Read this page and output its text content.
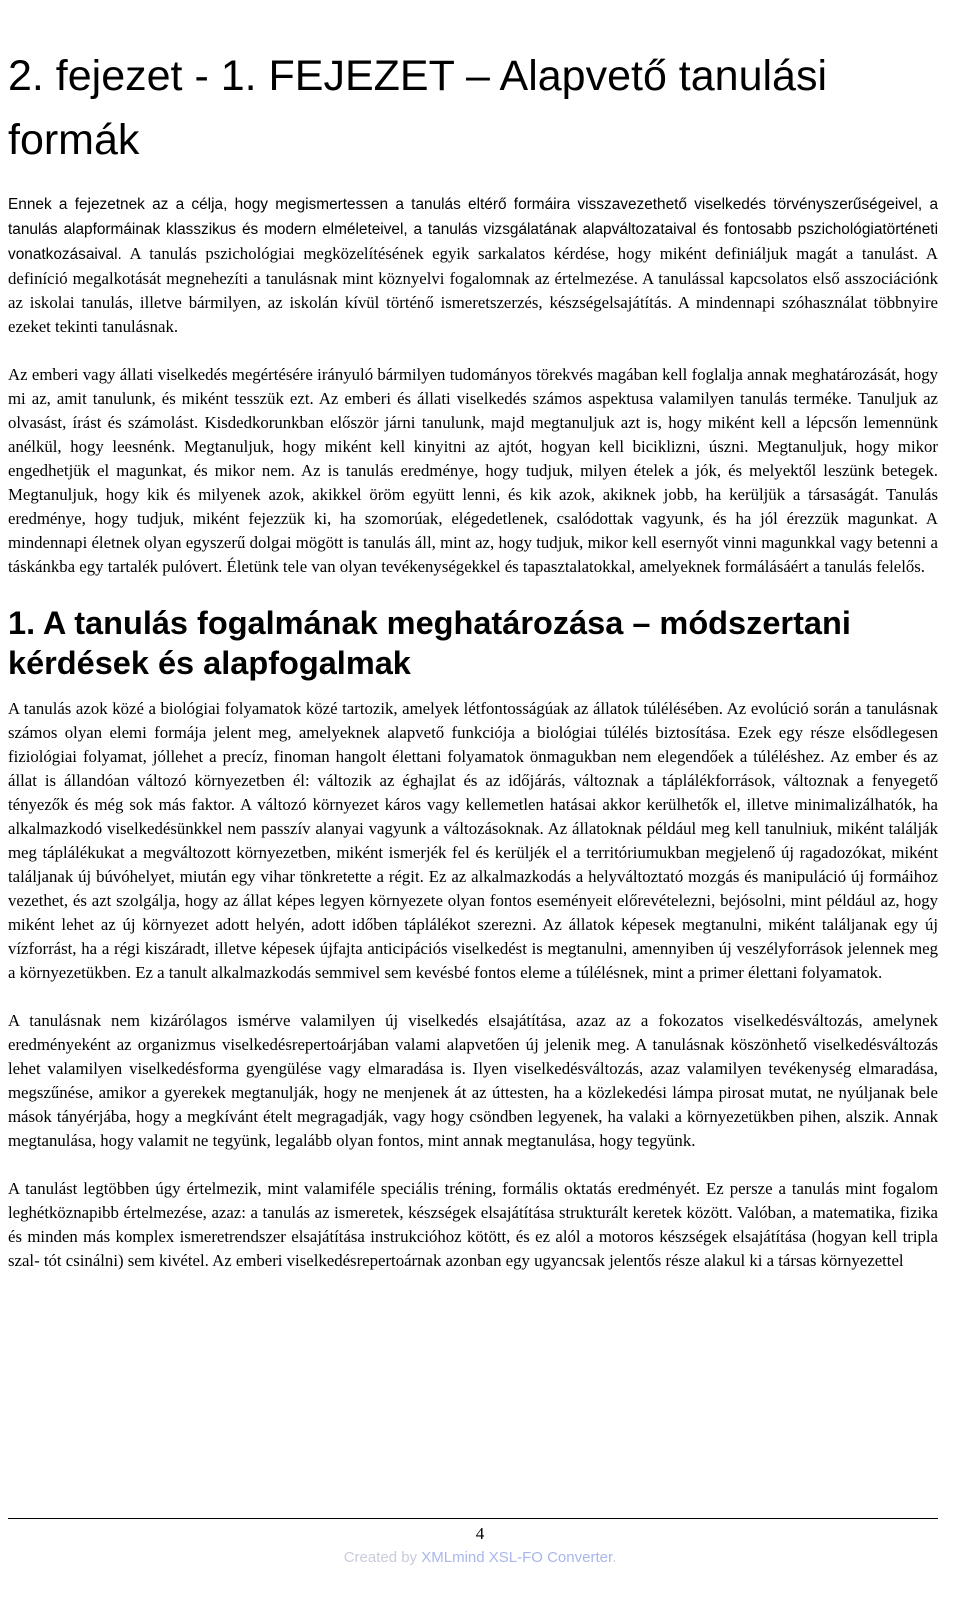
2. fejezet - 1. FEJEZET – Alapvető tanulási formák

Ennek a fejezetnek az a célja, hogy megismertessen a tanulás eltérő formáira visszavezethető viselkedés törvényszerűségeivel, a tanulás alapformáinak klasszikus és modern elméleteivel, a tanulás vizsgálatának alapváltozataival és fontosabb pszichológiatörténeti vonatkozásaival. A tanulás pszichológiai megközelítésének egyik sarkalatos kérdése, hogy miként definiáljuk magát a tanulást. A definíció megalkotását megnehezíti a tanulásnak mint köznyelvi fogalomnak az értelmezése. A tanulással kapcsolatos első asszociációnk az iskolai tanulás, illetve bármilyen, az iskolán kívül történő ismeretszerzés, készségelsajátítás. A mindennapi szóhasználat többnyire ezeket tekinti tanulásnak.

Az emberi vagy állati viselkedés megértésére irányuló bármilyen tudományos törekvés magában kell foglalja annak meghatározását, hogy mi az, amit tanulunk, és miként tesszük ezt. Az emberi és állati viselkedés számos aspektusa valamilyen tanulás terméke. Tanuljuk az olvasást, írást és számolást. Kisdedkorunkban először járni tanulunk, majd megtanuljuk azt is, hogy miként kell a lépcsőn lemennünk anélkül, hogy leesnénk. Megtanuljuk, hogy miként kell kinyitni az ajtót, hogyan kell biciklizni, úszni. Megtanuljuk, hogy mikor engedhetjük el magunkat, és mikor nem. Az is tanulás eredménye, hogy tudjuk, milyen ételek a jók, és melyektől leszünk betegek. Megtanuljuk, hogy kik és milyenek azok, akikkel öröm együtt lenni, és kik azok, akiknek jobb, ha kerüljük a társaságát. Tanulás eredménye, hogy tudjuk, miként fejezzük ki, ha szomorúak, elégedetlenek, csalódottak vagyunk, és ha jól érezzük magunkat. A mindennapi életnek olyan egyszerű dolgai mögött is tanulás áll, mint az, hogy tudjuk, mikor kell esernyőt vinni magunkkal vagy betenni a táskánkba egy tartalék pulóvert. Életünk tele van olyan tevékenységekkel és tapasztalatokkal, amelyeknek formálásáért a tanulás felelős.

1. A tanulás fogalmának meghatározása – módszertani kérdések és alapfogalmak

A tanulás azok közé a biológiai folyamatok közé tartozik, amelyek létfontosságúak az állatok túlélésében. Az evolúció során a tanulásnak számos olyan elemi formája jelent meg, amelyeknek alapvető funkciója a biológiai túlélés biztosítása. Ezek egy része elsődlegesen fiziológiai folyamat, jóllehet a precíz, finoman hangolt élettani folyamatok önmagukban nem elegendőek a túléléshez. Az ember és az állat is állandóan változó környezetben él: változik az éghajlat és az időjárás, változnak a táplálékforrások, változnak a fenyegető tényezők és még sok más faktor. A változó környezet káros vagy kellemetlen hatásai akkor kerülhetők el, illetve minimalizálhatók, ha alkalmazkodó viselkedésünkkel nem passzív alanyai vagyunk a változásoknak. Az állatoknak például meg kell tanulniuk, miként találják meg táplálékukat a megváltozott környezetben, miként ismerjék fel és kerüljék el a territóriumukban megjelenő új ragadozókat, miként találjanak új búvóhelyet, miután egy vihar tönkretette a régit. Ez az alkalmazkodás a helyváltoztató mozgás és manipuláció új formáihoz vezethet, és azt szolgálja, hogy az állat képes legyen környezete olyan fontos eseményeit előrevételezni, bejósolni, mint például az, hogy miként lehet az új környezet adott helyén, adott időben táplálékot szerezni. Az állatok képesek megtanulni, miként találjanak egy új vízforrást, ha a régi kiszáradt, illetve képesek újfajta anticipációs viselkedést is megtanulni, amennyiben új veszélyforrások jelennek meg a környezetükben. Ez a tanult alkalmazkodás semmivel sem kevésbé fontos eleme a túlélésnek, mint a primer élettani folyamatok.

A tanulásnak nem kizárólagos ismérve valamilyen új viselkedés elsajátítása, azaz az a fokozatos viselkedésváltozás, amelynek eredményeként az organizmus viselkedésrepertoárjában valami alapvetően új jelenik meg. A tanulásnak köszönhető viselkedésváltozás lehet valamilyen viselkedésforma gyengülése vagy elmaradása is. Ilyen viselkedésváltozás, azaz valamilyen tevékenység elmaradása, megszűnése, amikor a gyerekek megtanulják, hogy ne menjenek át az úttesten, ha a közlekedési lámpa pirosat mutat, ne nyúljanak bele mások tányérjába, hogy a megkívánt ételt megragadják, vagy hogy csöndben legyenek, ha valaki a környezetükben pihen, alszik. Annak megtanulása, hogy valamit ne tegyünk, legalább olyan fontos, mint annak megtanulása, hogy tegyünk.

A tanulást legtöbben úgy értelmezik, mint valamiféle speciális tréning, formális oktatás eredményét. Ez persze a tanulás mint fogalom leghétköznapibb értelmezése, azaz: a tanulás az ismeretek, készségek elsajátítása strukturált keretek között. Valóban, a matematika, fizika és minden más komplex ismeretrendszer elsajátítása instrukcióhoz kötött, és ez alól a motoros készségek elsajátítása (hogyan kell tripla szal- tót csinálni) sem kivétel. Az emberi viselkedésrepertoárnak azonban egy ugyancsak jelentős része alakul ki a társas környezettel

4
Created by XMLmind XSL-FO Converter.
